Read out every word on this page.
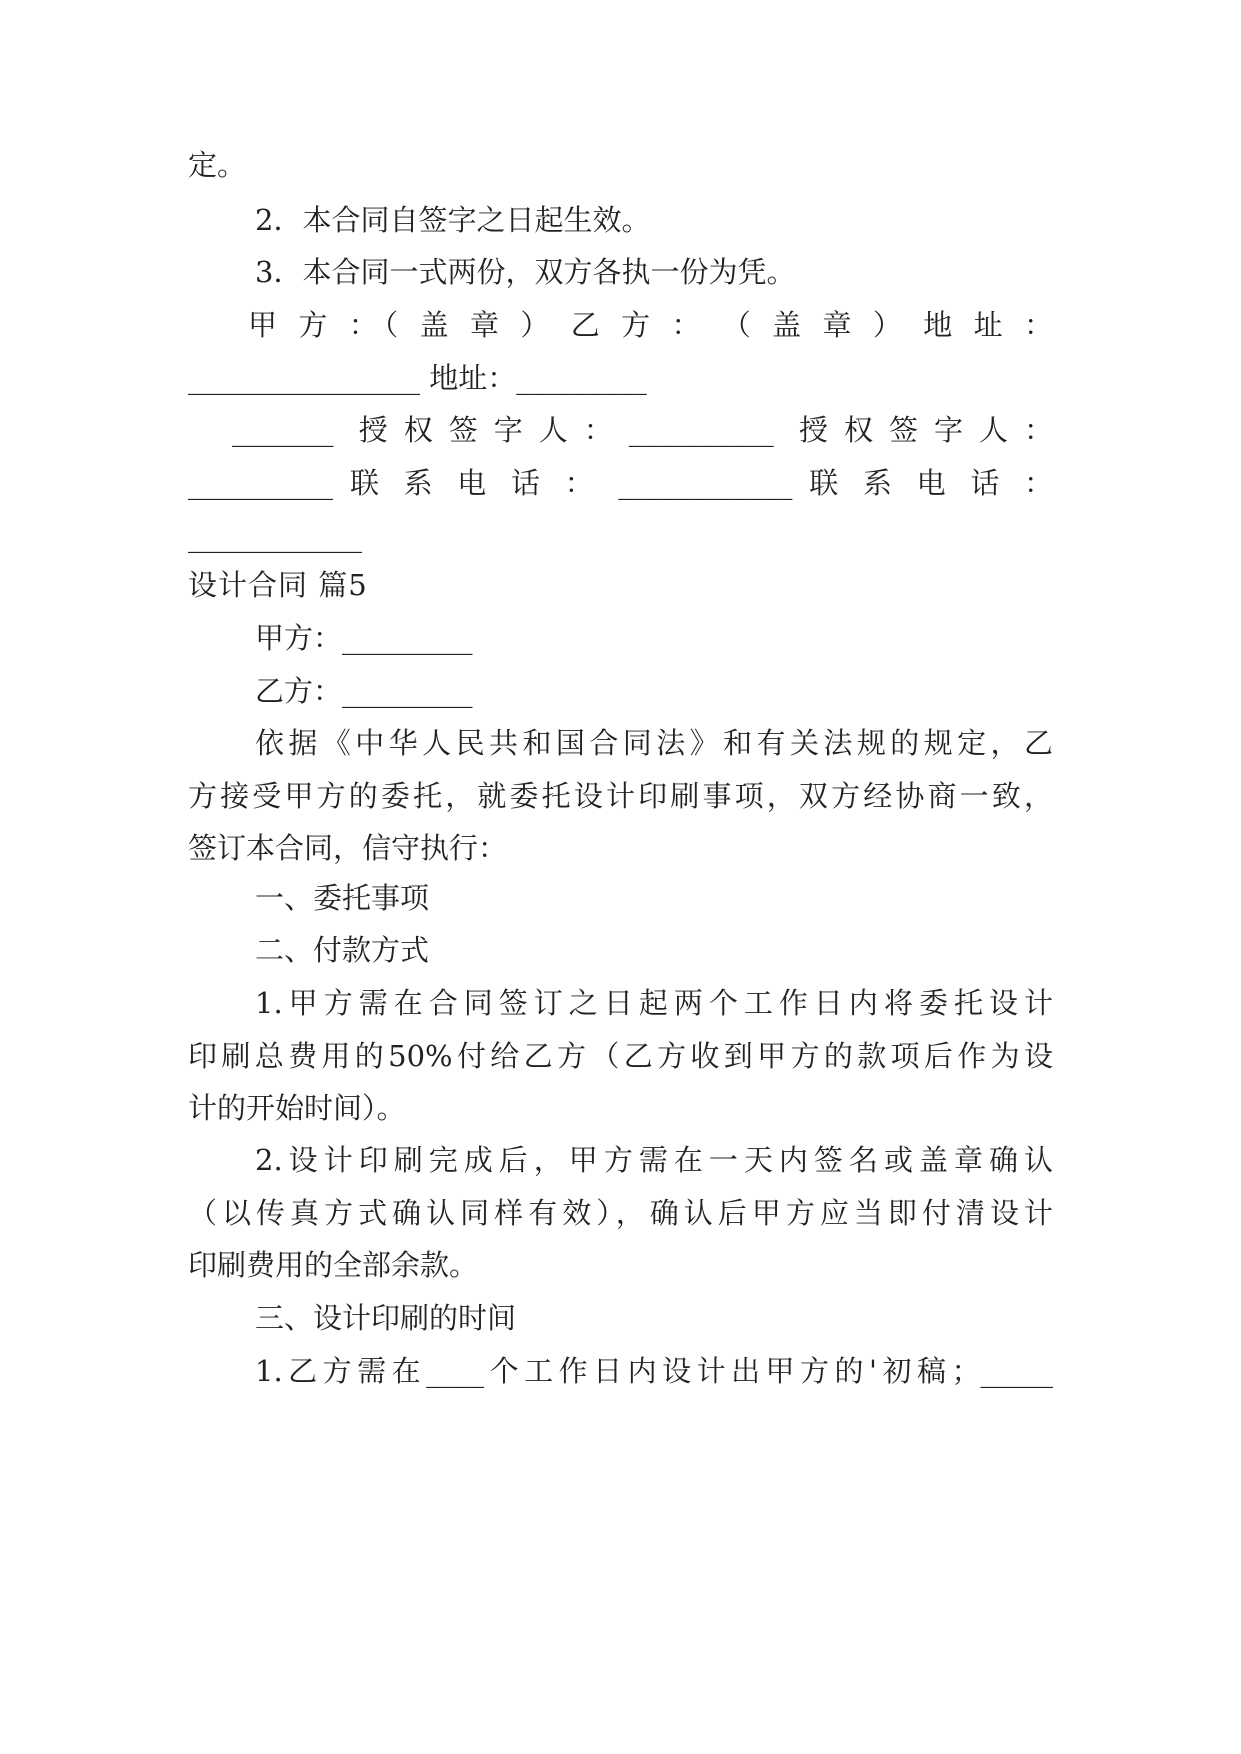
定。
2．本合同自签字之日起生效。
3．本合同一式两份，双方各执一份为凭。
甲 方 ：（ 盖 章 ） 乙 方 ： （ 盖 章 ） 地 址 ：
________________ 地址：_________
_______ 授权签字人：__________ 授权签字人：
__________ 联 系 电 话 ： ____________ 联 系 电 话 ：
____________
设计合同 篇5
甲方：_________
乙方：_________
依据《中华人民共和国合同法》和有关法规的规定，乙
方接受甲方的委托，就委托设计印刷事项，双方经协商一致，
签订本合同，信守执行：
一、委托事项
二、付款方式
1.甲方需在合同签订之日起两个工作日内将委托设计
印刷总费用的50%付给乙方（乙方收到甲方的款项后作为设
计的开始时间）。
2.设计印刷完成后，甲方需在一天内签名或盖章确认
（以传真方式确认同样有效），确认后甲方应当即付清设计
印刷费用的全部余款。
三、设计印刷的时间
1.乙方需在____个工作日内设计出甲方的'初稿；_____
